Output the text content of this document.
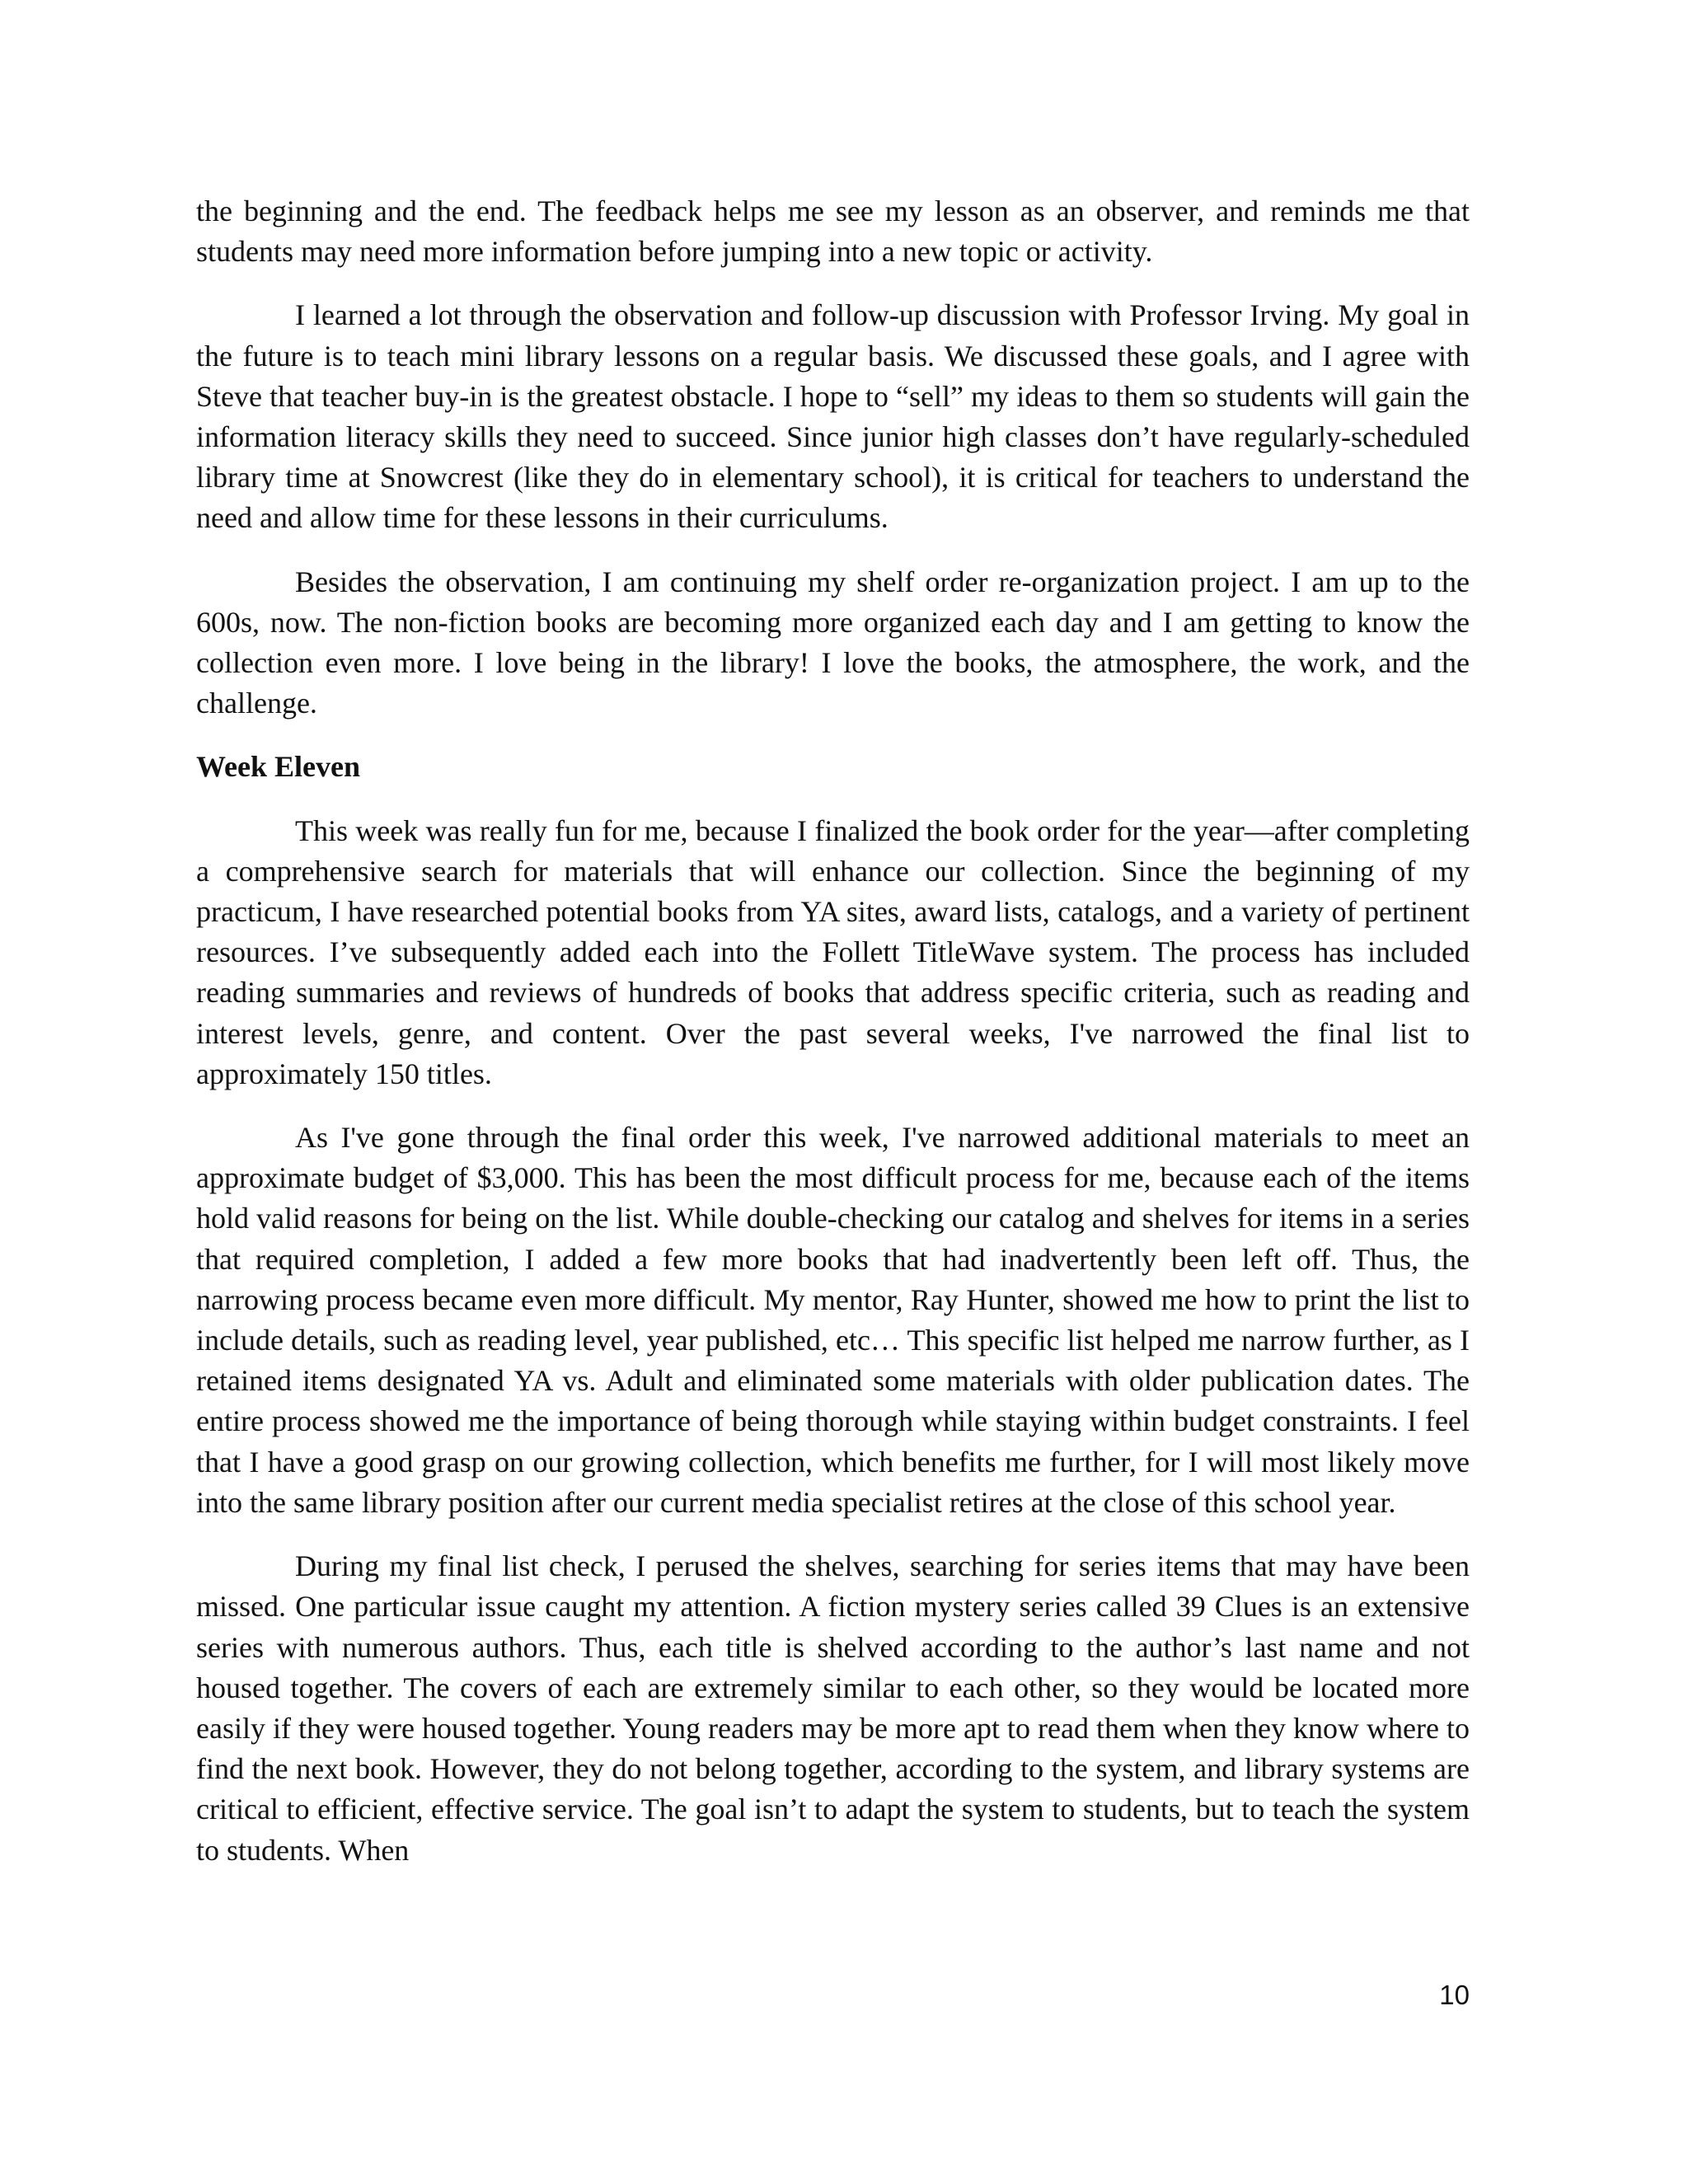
the beginning and the end. The feedback helps me see my lesson as an observer, and reminds me that students may need more information before jumping into a new topic or activity.

I learned a lot through the observation and follow-up discussion with Professor Irving. My goal in the future is to teach mini library lessons on a regular basis. We discussed these goals, and I agree with Steve that teacher buy-in is the greatest obstacle. I hope to “sell” my ideas to them so students will gain the information literacy skills they need to succeed. Since junior high classes don’t have regularly-scheduled library time at Snowcrest (like they do in elementary school), it is critical for teachers to understand the need and allow time for these lessons in their curriculums.

Besides the observation, I am continuing my shelf order re-organization project. I am up to the 600s, now. The non-fiction books are becoming more organized each day and I am getting to know the collection even more. I love being in the library! I love the books, the atmosphere, the work, and the challenge.

Week Eleven

This week was really fun for me, because I finalized the book order for the year—after completing a comprehensive search for materials that will enhance our collection. Since the beginning of my practicum, I have researched potential books from YA sites, award lists, catalogs, and a variety of pertinent resources. I’ve subsequently added each into the Follett TitleWave system. The process has included reading summaries and reviews of hundreds of books that address specific criteria, such as reading and interest levels, genre, and content. Over the past several weeks, I've narrowed the final list to approximately 150 titles.

As I've gone through the final order this week, I've narrowed additional materials to meet an approximate budget of $3,000. This has been the most difficult process for me, because each of the items hold valid reasons for being on the list. While double-checking our catalog and shelves for items in a series that required completion, I added a few more books that had inadvertently been left off. Thus, the narrowing process became even more difficult. My mentor, Ray Hunter, showed me how to print the list to include details, such as reading level, year published, etc… This specific list helped me narrow further, as I retained items designated YA vs. Adult and eliminated some materials with older publication dates. The entire process showed me the importance of being thorough while staying within budget constraints. I feel that I have a good grasp on our growing collection, which benefits me further, for I will most likely move into the same library position after our current media specialist retires at the close of this school year.

During my final list check, I perused the shelves, searching for series items that may have been missed. One particular issue caught my attention. A fiction mystery series called 39 Clues is an extensive series with numerous authors. Thus, each title is shelved according to the author’s last name and not housed together. The covers of each are extremely similar to each other, so they would be located more easily if they were housed together. Young readers may be more apt to read them when they know where to find the next book. However, they do not belong together, according to the system, and library systems are critical to efficient, effective service. The goal isn’t to adapt the system to students, but to teach the system to students. When

10
